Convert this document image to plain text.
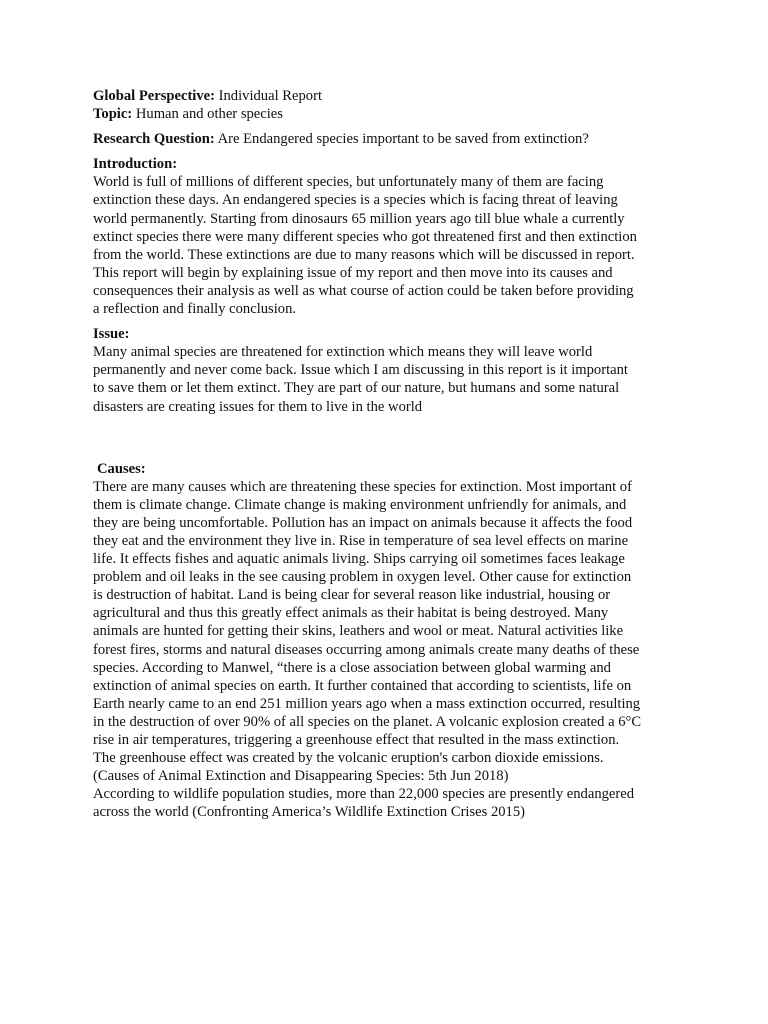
Global Perspective: Individual Report
Topic: Human and other species
Research Question: Are Endangered species important to be saved from extinction?
Introduction:
World is full of millions of different species, but unfortunately many of them are facing
extinction these days. An endangered species is a species which is facing threat of leaving
world permanently. Starting from dinosaurs 65 million years ago till blue whale a currently
extinct species there were many different species who got threatened first and then extinction
from the world. These extinctions are due to many reasons which will be discussed in report.
This report will begin by explaining issue of my report and then move into its causes and
consequences their analysis as well as what course of action could be taken before providing
a reflection and finally conclusion.
Issue:
Many animal species are threatened for extinction which means they will leave world
permanently and never come back. Issue which I am discussing in this report is it important
to save them or let them extinct. They are part of our nature, but humans and some natural
disasters are creating issues for them to live in the world
Causes:
There are many causes which are threatening these species for extinction. Most important of
them is climate change. Climate change is making environment unfriendly for animals, and
they are being uncomfortable. Pollution has an impact on animals because it affects the food
they eat and the environment they live in. Rise in temperature of sea level effects on marine
life. It effects fishes and aquatic animals living. Ships carrying oil sometimes faces leakage
problem and oil leaks in the see causing problem in oxygen level. Other cause for extinction
is destruction of habitat. Land is being clear for several reason like industrial, housing or
agricultural and thus this greatly effect animals as their habitat is being destroyed. Many
animals are hunted for getting their skins, leathers and wool or meat. Natural activities like
forest fires, storms and natural diseases occurring among animals create many deaths of these
species. According to Manwel, “there is a close association between global warming and
extinction of animal species on earth. It further contained that according to scientists, life on
Earth nearly came to an end 251 million years ago when a mass extinction occurred, resulting
in the destruction of over 90% of all species on the planet. A volcanic explosion created a 6°C
rise in air temperatures, triggering a greenhouse effect that resulted in the mass extinction.
The greenhouse effect was created by the volcanic eruption's carbon dioxide emissions.
(Causes of Animal Extinction and Disappearing Species: 5th Jun 2018)
According to wildlife population studies, more than 22,000 species are presently endangered
across the world (Confronting America’s Wildlife Extinction Crises 2015)
